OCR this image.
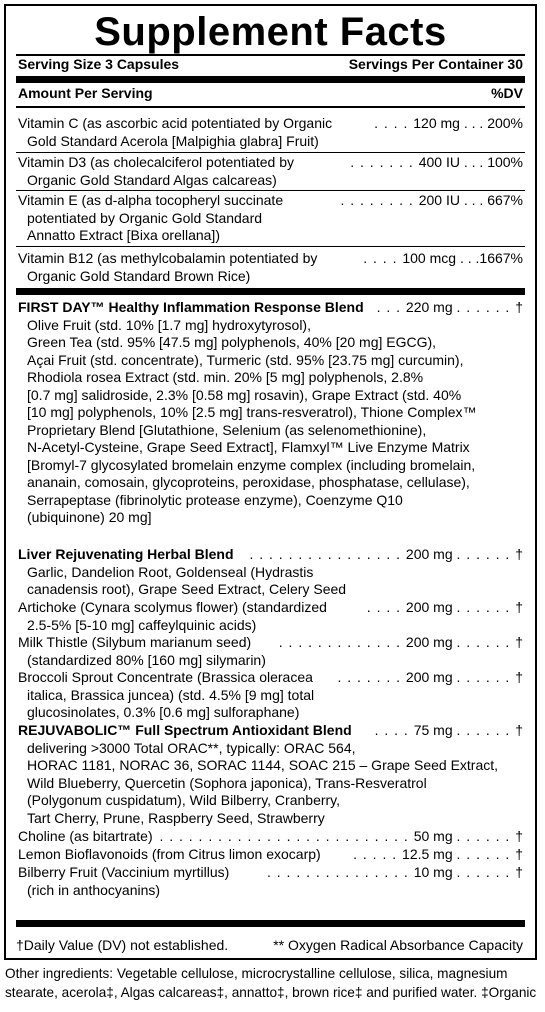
Supplement Facts
Serving Size 3 Capsules	Servings Per Container 30
Amount Per Serving	%DV
Vitamin C (as ascorbic acid potentiated by Organic	. . . . 120 mg . . . 200%
Gold Standard Acerola [Malpighia glabra] Fruit)
Vitamin D3 (as cholecalciferol potentiated by	. . . . . . . 400 IU . . . 100%
Organic Gold Standard Algas calcareas)
Vitamin E (as d-alpha tocopheryl succinate	. . . . . . . . 200 IU . . . 667%
potentiated by Organic Gold Standard
Annatto Extract [Bixa orellana])
Vitamin B12 (as methylcobalamin potentiated by	. . . . 100 mcg . . .1667%
Organic Gold Standard Brown Rice)
FIRST DAY™ Healthy Inflammation Response Blend . . . 220 mg . . . . . . †
Olive Fruit (std. 10% [1.7 mg] hydroxytyrosol),
Green Tea (std. 95% [47.5 mg] polyphenols, 40% [20 mg] EGCG),
Açai Fruit (std. concentrate), Turmeric (std. 95% [23.75 mg] curcumin),
Rhodiola rosea Extract (std. min. 20% [5 mg] polyphenols, 2.8%
[0.7 mg] salidroside, 2.3% [0.58 mg] rosavin), Grape Extract (std. 40%
[10 mg] polyphenols, 10% [2.5 mg] trans-resveratrol), Thione Complex™
Proprietary Blend [Glutathione, Selenium (as selenomethionine),
N-Acetyl-Cysteine, Grape Seed Extract], Flamxyl™ Live Enzyme Matrix
[Bromyl-7 glycosylated bromelain enzyme complex (including bromelain,
ananain, comosain, glycoproteins, peroxidase, phosphatase, cellulase),
Serrapeptase (fibrinolytic protease enzyme), Coenzyme Q10
(ubiquinone) 20 mg]
Liver Rejuvenating Herbal Blend . . . . . . . . . . . . . . . . 200 mg . . . . . . †
Garlic, Dandelion Root, Goldenseal (Hydrastis
canadensis root), Grape Seed Extract, Celery Seed
Artichoke (Cynara scolymus flower) (standardized	. . . . 200 mg . . . . . . †
2.5-5% [5-10 mg] caffeylquinic acids)
Milk Thistle (Silybum marianum seed) . . . . . . . . . . . . . 200 mg . . . . . . †
(standardized 80% [160 mg] silymarin)
Broccoli Sprout Concentrate (Brassica oleracea . . . . . . . 200 mg . . . . . . †
italica, Brassica juncea) (std. 4.5% [9 mg] total
glucosinolates, 0.3% [0.6 mg] sulforaphane)
REJUVABOLIC™ Full Spectrum Antioxidant Blend . . . . 75 mg . . . . . . †
delivering >3000 Total ORAC**, typically: ORAC 564,
HORAC 1181, NORAC 36, SORAC 1144, SOAC 215 – Grape Seed Extract,
Wild Blueberry, Quercetin (Sophora japonica), Trans-Resveratrol
(Polygonum cuspidatum), Wild Bilberry, Cranberry,
Tart Cherry, Prune, Raspberry Seed, Strawberry
Choline (as bitartrate) . . . . . . . . . . . . . . . . . . . . . . . . . . 50 mg . . . . . . †
Lemon Bioflavonoids (from Citrus limon exocarp) . . . . . 12.5 mg . . . . . . †
Bilberry Fruit (Vaccinium myrtillus)	. . . . . . . . . . . . . . . 10 mg . . . . . . †
(rich in anthocyanins)
†Daily Value (DV) not established.	** Oxygen Radical Absorbance Capacity
Other ingredients: Vegetable cellulose, microcrystalline cellulose, silica, magnesium
stearate, acerola‡, Algas calcareas‡, annatto‡, brown rice‡ and purified water. ‡Organic
